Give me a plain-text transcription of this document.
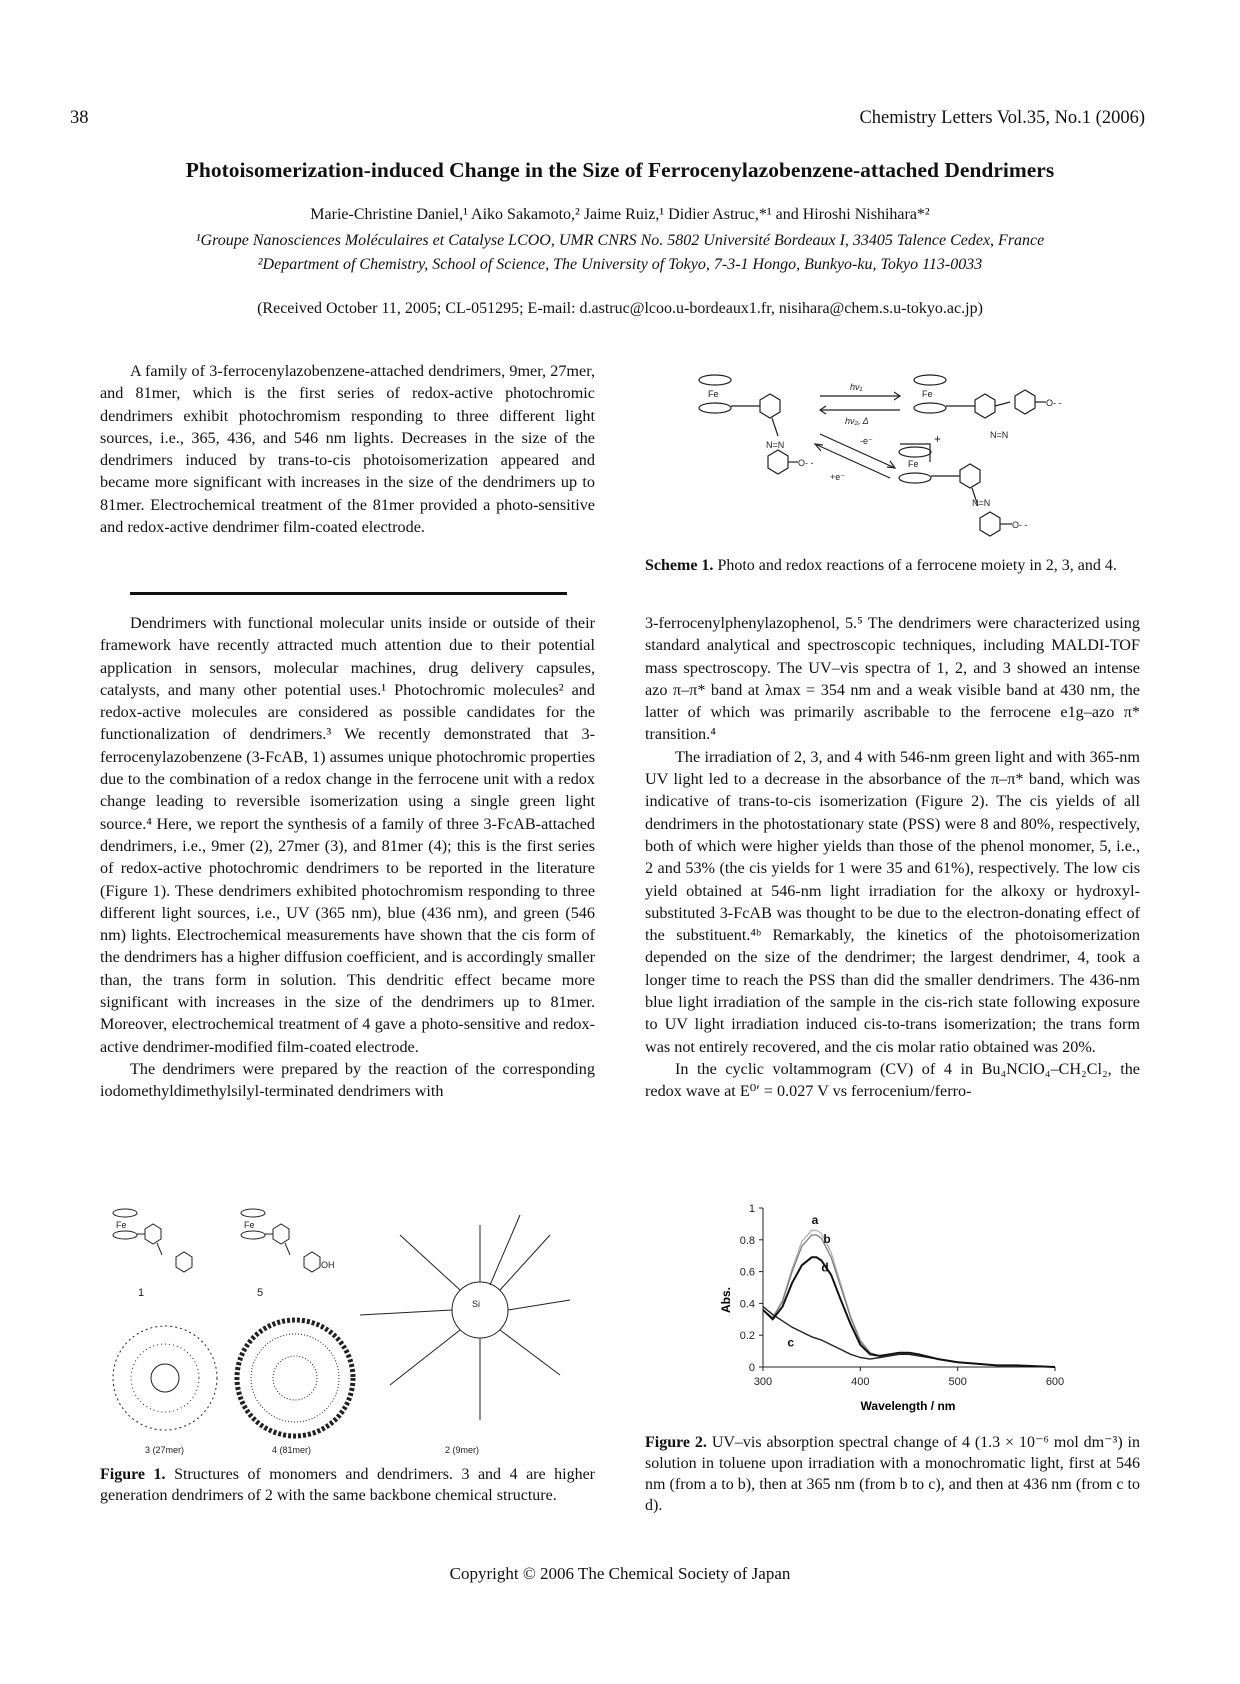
38	Chemistry Letters Vol.35, No.1 (2006)
Photoisomerization-induced Change in the Size of Ferrocenylazobenzene-attached Dendrimers
Marie-Christine Daniel,¹ Aiko Sakamoto,² Jaime Ruiz,¹ Didier Astruc,*¹ and Hiroshi Nishihara*²
¹Groupe Nanosciences Moléculaires et Catalyse LCOO, UMR CNRS No. 5802 Université Bordeaux I, 33405 Talence Cedex, France
²Department of Chemistry, School of Science, The University of Tokyo, 7-3-1 Hongo, Bunkyo-ku, Tokyo 113-0033
(Received October 11, 2005; CL-051295; E-mail: d.astruc@lcoo.u-bordeaux1.fr, nisihara@chem.s.u-tokyo.ac.jp)

A family of 3-ferrocenylazobenzene-attached dendrimers, 9mer, 27mer, and 81mer, which is the first series of redox-active photochromic dendrimers exhibit photochromism responding to three different light sources, i.e., 365, 436, and 546 nm lights. Decreases in the size of the dendrimers induced by trans-to-cis photoisomerization appeared and became more significant with increases in the size of the dendrimers up to 81mer. Electrochemical treatment of the 81mer provided a photo-sensitive and redox-active dendrimer film-coated electrode.

Dendrimers with functional molecular units inside or outside of their framework have recently attracted much attention due to their potential application in sensors, molecular machines, drug delivery capsules, catalysts, and many other potential uses.¹ Photochromic molecules² and redox-active molecules are considered as possible candidates for the functionalization of dendrimers.³ We recently demonstrated that 3-ferrocenylazobenzene (3-FcAB, 1) assumes unique photochromic properties due to the combination of a redox change in the ferrocene unit with a redox change leading to reversible isomerization using a single green light source.⁴ Here, we report the synthesis of a family of three 3-FcAB-attached dendrimers, i.e., 9mer (2), 27mer (3), and 81mer (4); this is the first series of redox-active photochromic dendrimers to be reported in the literature (Figure 1). These dendrimers exhibited photochromism responding to three different light sources, i.e., UV (365 nm), blue (436 nm), and green (546 nm) lights. Electrochemical measurements have shown that the cis form of the dendrimers has a higher diffusion coefficient, and is accordingly smaller than, the trans form in solution. This dendritic effect became more significant with increases in the size of the dendrimers up to 81mer. Moreover, electrochemical treatment of 4 gave a photo-sensitive and redox-active dendrimer-modified film-coated electrode.

The dendrimers were prepared by the reaction of the corresponding iodomethyldimethylsilyl-terminated dendrimers with

Fe	Fe
Fe
N=N
N=N
N=N
O- -
O- -
O- -
hν₁
hν₂, Δ
-e⁻
+e⁻
+
Scheme 1. Photo and redox reactions of a ferrocene moiety in 2, 3, and 4.

3-ferrocenylphenylazophenol, 5.⁵ The dendrimers were characterized using standard analytical and spectroscopic techniques, including MALDI-TOF mass spectroscopy. The UV–vis spectra of 1, 2, and 3 showed an intense azo π–π* band at λmax = 354 nm and a weak visible band at 430 nm, the latter of which was primarily ascribable to the ferrocene e1g–azo π* transition.⁴

The irradiation of 2, 3, and 4 with 546-nm green light and with 365-nm UV light led to a decrease in the absorbance of the π–π* band, which was indicative of trans-to-cis isomerization (Figure 2). The cis yields of all dendrimers in the photostationary state (PSS) were 8 and 80%, respectively, both of which were higher yields than those of the phenol monomer, 5, i.e., 2 and 53% (the cis yields for 1 were 35 and 61%), respectively. The low cis yield obtained at 546-nm light irradiation for the alkoxy or hydroxyl-substituted 3-FcAB was thought to be due to the electron-donating effect of the substituent.⁴ᵇ Remarkably, the kinetics of the photoisomerization depended on the size of the dendrimer; the largest dendrimer, 4, took a longer time to reach the PSS than did the smaller dendrimers. The 436-nm blue light irradiation of the sample in the cis-rich state following exposure to UV light irradiation induced cis-to-trans isomerization; the trans form was not entirely recovered, and the cis molar ratio obtained was 20%.

In the cyclic voltammogram (CV) of 4 in Bu₄NClO₄–CH₂Cl₂, the redox wave at E⁰′ = 0.027 V vs ferrocenium/ferro-

Fe	Fe
OH
Si
1	5
3 (27mer)	4 (81mer)	2 (9mer)
Figure 1. Structures of monomers and dendrimers. 3 and 4 are higher generation dendrimers of 2 with the same backbone chemical structure.
300	400	500	600
0
0.2
0.4
0.6
0.8
1
a
b
c
d
Wavelength / nm
Abs.
Figure 2. UV–vis absorption spectral change of 4 (1.3 × 10⁻⁶ mol dm⁻³) in solution in toluene upon irradiation with a monochromatic light, first at 546 nm (from a to b), then at 365 nm (from b to c), and then at 436 nm (from c to d).
Copyright © 2006 The Chemical Society of Japan
